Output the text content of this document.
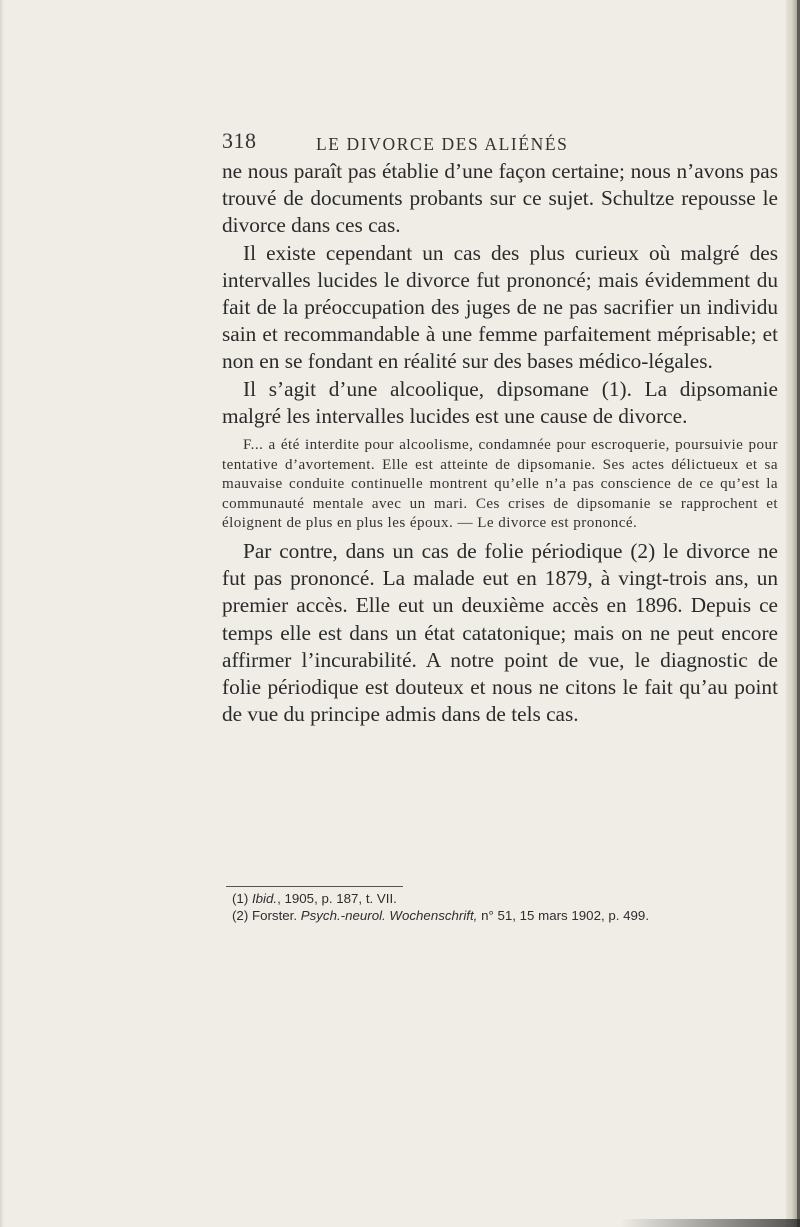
318	LE DIVORCE DES ALIÉNÉS

ne nous paraît pas établie d’une façon certaine; nous n’avons pas trouvé de documents probants sur ce sujet. Schultze repousse le divorce dans ces cas.

Il existe cependant un cas des plus curieux où malgré des intervalles lucides le divorce fut prononcé; mais évidemment du fait de la préoccupation des juges de ne pas sacrifier un individu sain et recommandable à une femme parfaitement méprisable; et non en se fondant en réalité sur des bases médico-légales.

Il s’agit d’une alcoolique, dipsomane (1). La dipsomanie malgré les intervalles lucides est une cause de divorce.

F... a été interdite pour alcoolisme, condamnée pour escroquerie, poursuivie pour tentative d’avortement. Elle est atteinte de dipsomanie. Ses actes délictueux et sa mauvaise conduite continuelle montrent qu’elle n’a pas conscience de ce qu’est la communauté mentale avec un mari. Ces crises de dipsomanie se rapprochent et éloignent de plus en plus les époux. — Le divorce est prononcé.

Par contre, dans un cas de folie périodique (2) le divorce ne fut pas prononcé. La malade eut en 1879, à vingt-trois ans, un premier accès. Elle eut un deuxième accès en 1896. Depuis ce temps elle est dans un état catatonique; mais on ne peut encore affirmer l’incurabilité. A notre point de vue, le diagnostic de folie périodique est douteux et nous ne citons le fait qu’au point de vue du principe admis dans de tels cas.

(1) Ibid., 1905, p. 187, t. VII.

(2) Forster. Psych.-neurol. Wochenschrift, n° 51, 15 mars 1902, p. 499.
